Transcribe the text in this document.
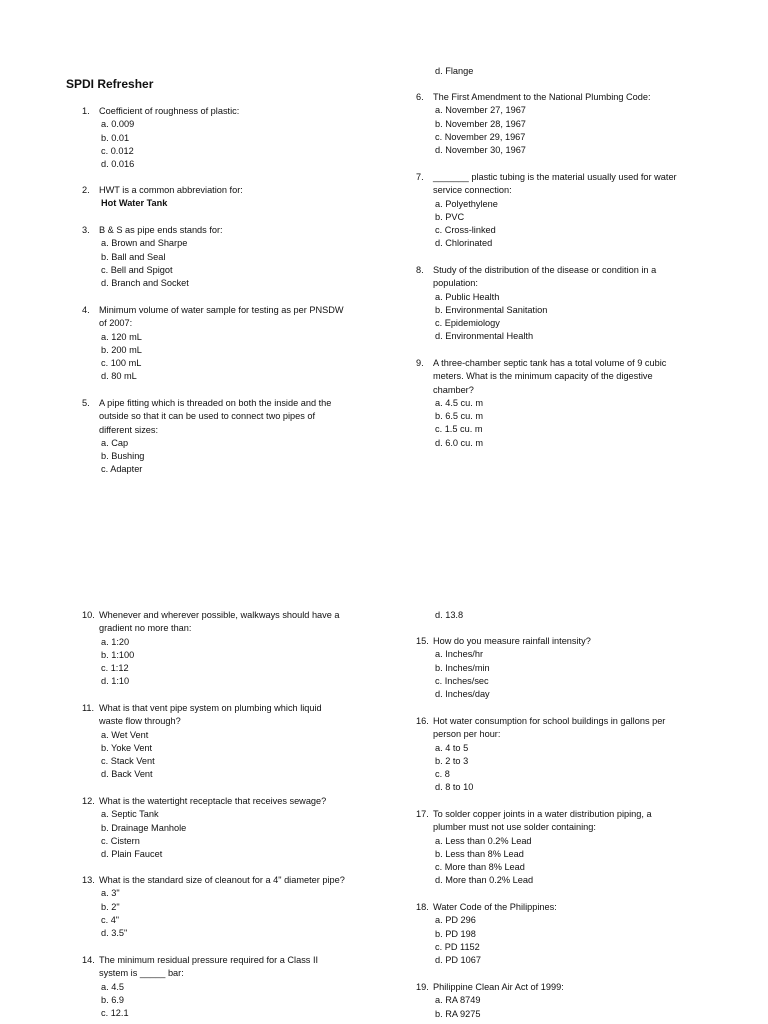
SPDI Refresher
1.	Coefficient of roughness of plastic:
a. 0.009
b. 0.01
c. 0.012
d. 0.016
2.	HWT is a common abbreviation for:
Hot Water Tank
3.	B & S as pipe ends stands for:
a. Brown and Sharpe
b. Ball and Seal
c. Bell and Spigot
d. Branch and Socket
4.	Minimum volume of water sample for testing as per PNSDW
of 2007:
a. 120 mL
b. 200 mL
c. 100 mL
d. 80 mL
5.	A pipe fitting which is threaded on both the inside and the
outside so that it can be used to connect two pipes of
different sizes:
a. Cap
b. Bushing
c. Adapter
d. Flange
6.	The First Amendment to the National Plumbing Code:
a. November 27, 1967
b. November 28, 1967
c. November 29, 1967
d. November 30, 1967
7.	_______ plastic tubing is the material usually used for water
service connection:
a. Polyethylene
b. PVC
c. Cross-linked
d. Chlorinated
8.	Study of the distribution of the disease or condition in a
population:
a. Public Health
b. Environmental Sanitation
c. Epidemiology
d. Environmental Health
9.	A three-chamber septic tank has a total volume of 9 cubic
meters. What is the minimum capacity of the digestive
chamber?
a. 4.5 cu. m
b. 6.5 cu. m
c. 1.5 cu. m
d. 6.0 cu. m
10. Whenever and wherever possible, walkways should have a
gradient no more than:
a. 1:20
b. 1:100
c. 1:12
d. 1:10
11. What is that vent pipe system on plumbing which liquid
waste flow through?
a. Wet Vent
b. Yoke Vent
c. Stack Vent
d. Back Vent
12. What is the watertight receptacle that receives sewage?
a. Septic Tank
b. Drainage Manhole
c. Cistern
d. Plain Faucet
13. What is the standard size of cleanout for a 4" diameter pipe?
a. 3"
b. 2"
c. 4"
d. 3.5"
14. The minimum residual pressure required for a Class II
system is _____ bar:
a. 4.5
b. 6.9
c. 12.1
d. 13.8
15. How do you measure rainfall intensity?
a. Inches/hr
b. Inches/min
c. Inches/sec
d. Inches/day
16. Hot water consumption for school buildings in gallons per
person per hour:
a. 4 to 5
b. 2 to 3
c. 8
d. 8 to 10
17. To solder copper joints in a water distribution piping, a
plumber must not use solder containing:
a. Less than 0.2% Lead
b. Less than 8% Lead
c. More than 8% Lead
d. More than 0.2% Lead
18. Water Code of the Philippines:
a. PD 296
b. PD 198
c. PD 1152
d. PD 1067
19. Philippine Clean Air Act of 1999:
a. RA 8749
b. RA 9275
